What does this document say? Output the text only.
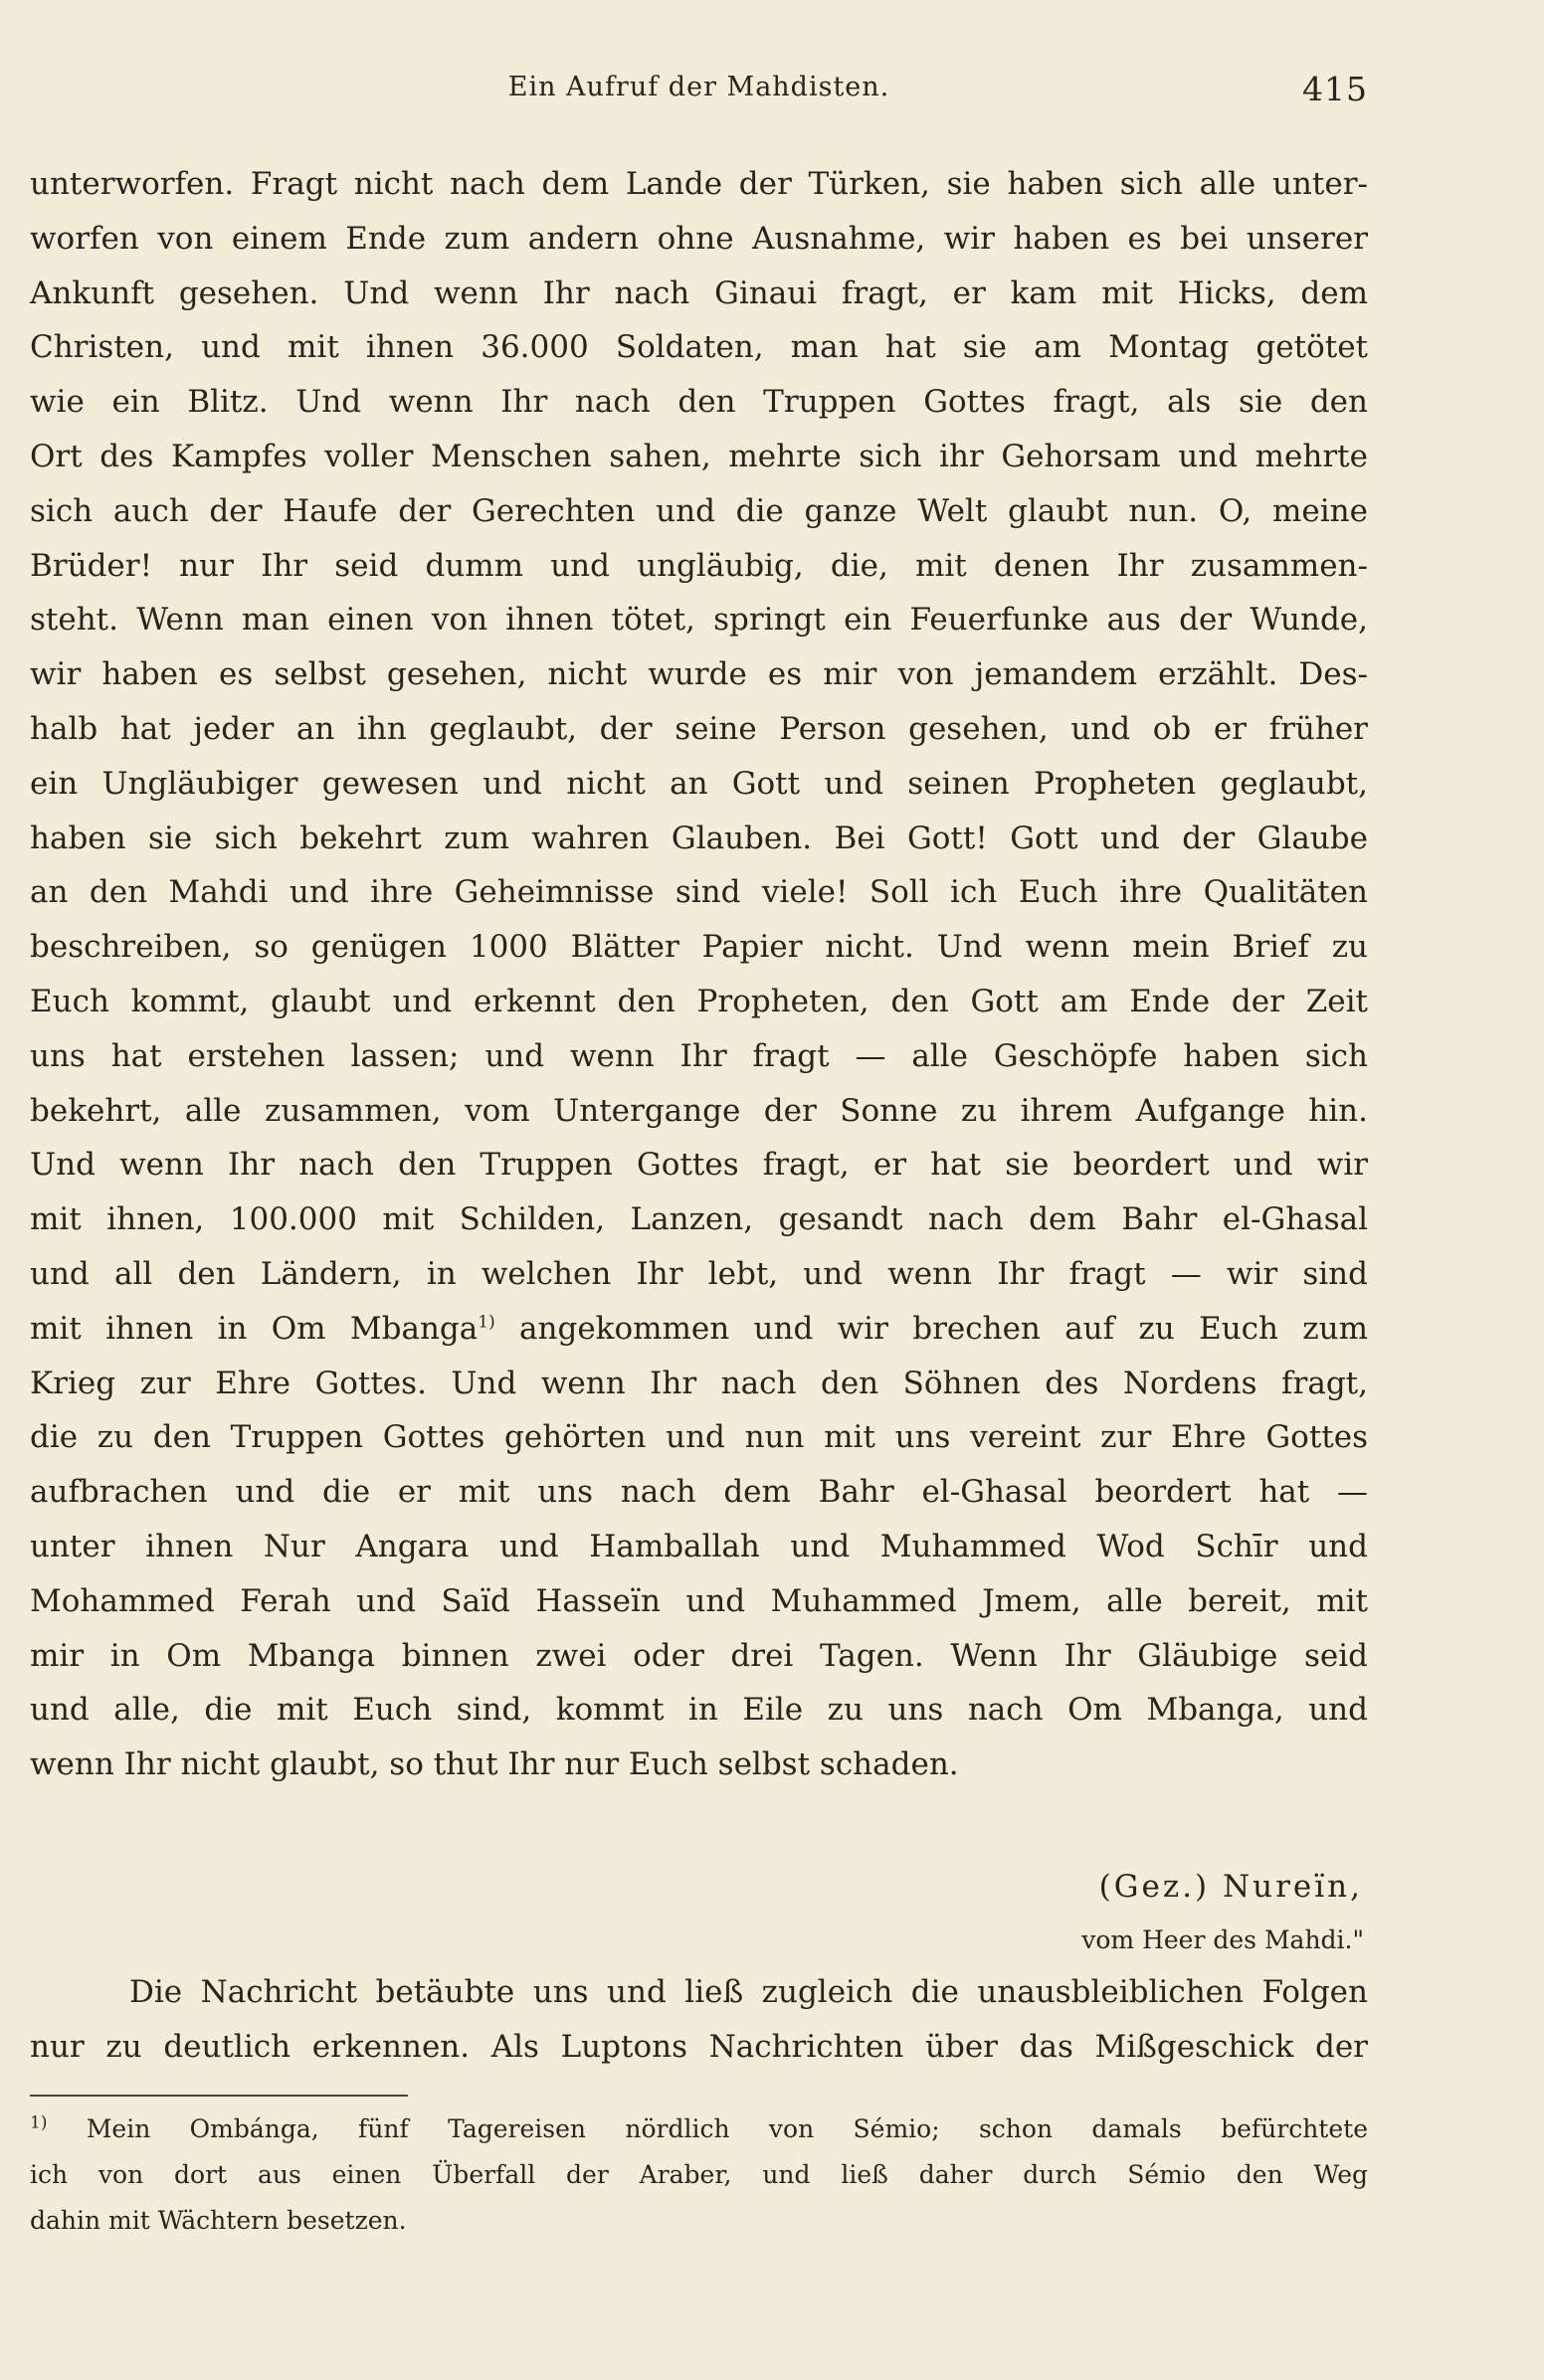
Ein Aufruf der Mahdisten.	415
unterworfen. Fragt nicht nach dem Lande der Türken, sie haben sich alle unter-
worfen von einem Ende zum andern ohne Ausnahme, wir haben es bei unserer
Ankunft gesehen. Und wenn Ihr nach Ginaui fragt, er kam mit Hicks, dem
Christen, und mit ihnen 36.000 Soldaten, man hat sie am Montag getötet
wie ein Blitz. Und wenn Ihr nach den Truppen Gottes fragt, als sie den
Ort des Kampfes voller Menschen sahen, mehrte sich ihr Gehorsam und mehrte
sich auch der Haufe der Gerechten und die ganze Welt glaubt nun. O, meine
Brüder! nur Ihr seid dumm und ungläubig, die, mit denen Ihr zusammen-
steht. Wenn man einen von ihnen tötet, springt ein Feuerfunke aus der Wunde,
wir haben es selbst gesehen, nicht wurde es mir von jemandem erzählt. Des-
halb hat jeder an ihn geglaubt, der seine Person gesehen, und ob er früher
ein Ungläubiger gewesen und nicht an Gott und seinen Propheten geglaubt,
haben sie sich bekehrt zum wahren Glauben. Bei Gott! Gott und der Glaube
an den Mahdi und ihre Geheimnisse sind viele! Soll ich Euch ihre Qualitäten
beschreiben, so genügen 1000 Blätter Papier nicht. Und wenn mein Brief zu
Euch kommt, glaubt und erkennt den Propheten, den Gott am Ende der Zeit
uns hat erstehen lassen; und wenn Ihr fragt — alle Geschöpfe haben sich
bekehrt, alle zusammen, vom Untergange der Sonne zu ihrem Aufgange hin.
Und wenn Ihr nach den Truppen Gottes fragt, er hat sie beordert und wir
mit ihnen, 100.000 mit Schilden, Lanzen, gesandt nach dem Bahr el-Ghasal
und all den Ländern, in welchen Ihr lebt, und wenn Ihr fragt — wir sind
mit ihnen in Om Mbanga$^{1)}$ angekommen und wir brechen auf zu Euch zum
Krieg zur Ehre Gottes. Und wenn Ihr nach den Söhnen des Nordens fragt,
die zu den Truppen Gottes gehörten und nun mit uns vereint zur Ehre Gottes
aufbrachen und die er mit uns nach dem Bahr el-Ghasal beordert hat —
unter ihnen Nur Angara und Hamballah und Muhammed Wod Schīr und
Mohammed Ferah und Saïd Hasseïn und Muhammed Jmem, alle bereit, mit
mir in Om Mbanga binnen zwei oder drei Tagen. Wenn Ihr Gläubige seid
und alle, die mit Euch sind, kommt in Eile zu uns nach Om Mbanga, und
wenn Ihr nicht glaubt, so thut Ihr nur Euch selbst schaden.
(Gez.) Nureïn,
vom Heer des Mahdi."
Die Nachricht betäubte uns und ließ zugleich die unausbleiblichen Folgen
nur zu deutlich erkennen. Als Luptons Nachrichten über das Mißgeschick der
$^{1)}$ Mein Ombánga, fünf Tagereisen nördlich von Sémio; schon damals befürchtete
ich von dort aus einen Überfall der Araber, und ließ daher durch Sémio den Weg
dahin mit Wächtern besetzen.
